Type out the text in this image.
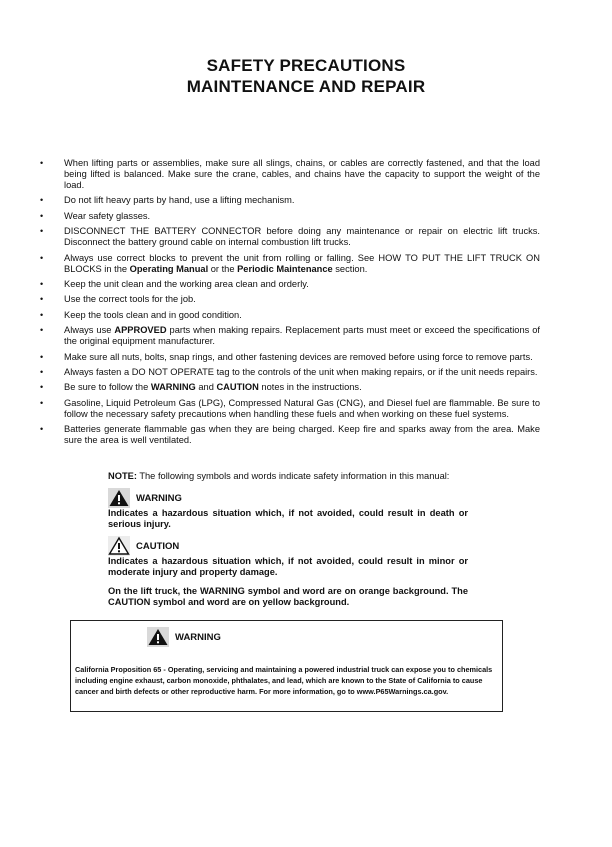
SAFETY PRECAUTIONS
MAINTENANCE AND REPAIR
• When lifting parts or assemblies, make sure all slings, chains, or cables are correctly fastened, and that the load being lifted is balanced. Make sure the crane, cables, and chains have the capacity to support the weight of the load.
• Do not lift heavy parts by hand, use a lifting mechanism.
• Wear safety glasses.
• DISCONNECT THE BATTERY CONNECTOR before doing any maintenance or repair on electric lift trucks. Disconnect the battery ground cable on internal combustion lift trucks.
• Always use correct blocks to prevent the unit from rolling or falling. See HOW TO PUT THE LIFT TRUCK ON BLOCKS in the Operating Manual or the Periodic Maintenance section.
• Keep the unit clean and the working area clean and orderly.
• Use the correct tools for the job.
• Keep the tools clean and in good condition.
• Always use APPROVED parts when making repairs. Replacement parts must meet or exceed the specifications of the original equipment manufacturer.
• Make sure all nuts, bolts, snap rings, and other fastening devices are removed before using force to remove parts.
• Always fasten a DO NOT OPERATE tag to the controls of the unit when making repairs, or if the unit needs repairs.
• Be sure to follow the WARNING and CAUTION notes in the instructions.
• Gasoline, Liquid Petroleum Gas (LPG), Compressed Natural Gas (CNG), and Diesel fuel are flammable. Be sure to follow the necessary safety precautions when handling these fuels and when working on these fuel systems.
• Batteries generate flammable gas when they are being charged. Keep fire and sparks away from the area. Make sure the area is well ventilated.

NOTE: The following symbols and words indicate safety information in this manual:

WARNING

Indicates a hazardous situation which, if not avoided, could result in death or serious injury.

CAUTION

Indicates a hazardous situation which, if not avoided, could result in minor or moderate injury and property damage.

On the lift truck, the WARNING symbol and word are on orange background. The CAUTION symbol and word are on yellow background.

WARNING
California Proposition 65 - Operating, servicing and maintaining a powered industrial truck can expose you to chemicals including engine exhaust, carbon monoxide, phthalates, and lead, which are known to the State of California to cause cancer and birth defects or other reproductive harm. For more information, go to www.P65Warnings.ca.gov.
